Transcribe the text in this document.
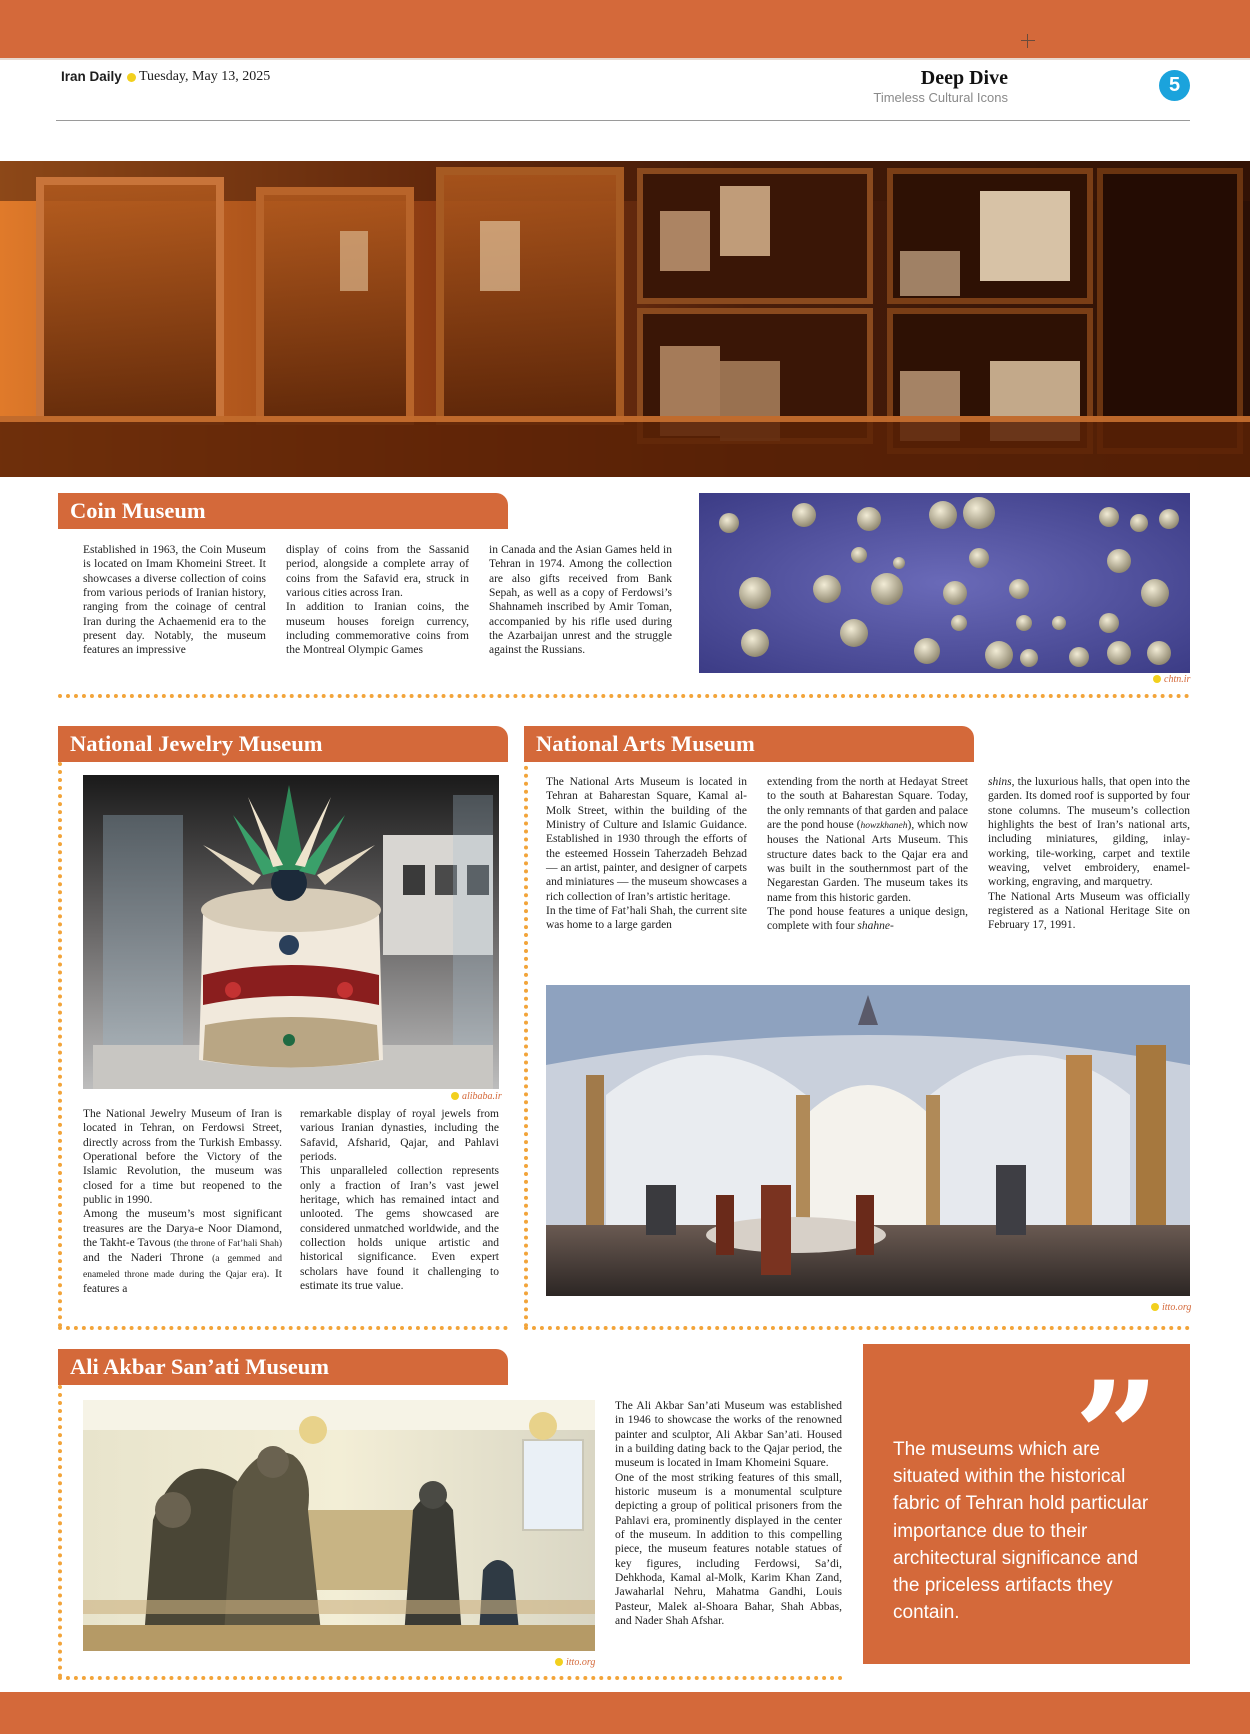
Iran Daily Tuesday, May 13, 2025	Deep Dive
Timeless Cultural Icons
5
Coin Museum

Established in 1963, the Coin Museum is located on Imam Khomeini Street. It showcases a diverse collection of coins from various periods of Iranian history, ranging from the coinage of central Iran during the Achaemenid era to the present day. Notably, the museum features an impressive

display of coins from the Sassanid period, alongside a complete array of coins from the Safavid era, struck in various cities across Iran.

In addition to Iranian coins, the museum houses foreign currency, including commemorative coins from the Montreal Olympic Games

in Canada and the Asian Games held in Tehran in 1974. Among the collection are also gifts received from Bank Sepah, as well as a copy of Ferdowsi’s Shahnameh inscribed by Amir Toman, accompanied by his rifle used during the Azarbaijan unrest and the struggle against the Russians.

chtn.ir
National Jewelry Museum
alibaba.ir

The National Jewelry Museum of Iran is located in Tehran, on Ferdowsi Street, directly across from the Turkish Embassy. Operational before the Victory of the Islamic Revolution, the museum was closed for a time but reopened to the public in 1990.

Among the museum’s most significant treasures are the Darya-e Noor Diamond, the Takht-e Tavous (the throne of Fat’hali Shah) and the Naderi Throne (a gemmed and enameled throne made during the Qajar era). It features a

remarkable display of royal jewels from various Iranian dynasties, including the Safavid, Afsharid, Qajar, and Pahlavi periods.

This unparalleled collection represents only a fraction of Iran’s vast jewel heritage, which has remained intact and unlooted. The gems showcased are considered unmatched worldwide, and the collection holds unique artistic and historical significance. Even expert scholars have found it challenging to estimate its true value.

National Arts Museum

The National Arts Museum is located in Tehran at Baharestan Square, Kamal al-Molk Street, within the building of the Ministry of Culture and Islamic Guidance. Established in 1930 through the efforts of the esteemed Hossein Taherzadeh Behzad — an artist, painter, and designer of carpets and miniatures — the museum showcases a rich collection of Iran’s artistic heritage.

In the time of Fat’hali Shah, the current site was home to a large garden

extending from the north at Hedayat Street to the south at Baharestan Square. Today, the only remnants of that garden and palace are the pond house (howzkhaneh), which now houses the National Arts Museum. This structure dates back to the Qajar era and was built in the southernmost part of the Negarestan Garden. The museum takes its name from this historic garden.

The pond house features a unique design, complete with four shahne-

shins, the luxurious halls, that open into the garden. Its domed roof is supported by four stone columns. The museum’s collection highlights the best of Iran’s national arts, including miniatures, gilding, inlay-working, tile-working, carpet and textile weaving, velvet embroidery, enamel-working, engraving, and marquetry.

The National Arts Museum was officially registered as a National Heritage Site on February 17, 1991.

itto.org
Ali Akbar San’ati Museum
itto.org

The Ali Akbar San’ati Museum was established in 1946 to showcase the works of the renowned painter and sculptor, Ali Akbar San’ati. Housed in a building dating back to the Qajar period, the museum is located in Imam Khomeini Square.

One of the most striking features of this small, historic museum is a monumental sculpture depicting a group of political prisoners from the Pahlavi era, prominently displayed in the center of the museum. In addition to this compelling piece, the museum features notable statues of key figures, including Ferdowsi, Sa’di, Dehkhoda, Kamal al-Molk, Karim Khan Zand, Jawaharlal Nehru, Mahatma Gandhi, Louis Pasteur, Malek al-Shoara Bahar, Shah Abbas, and Nader Shah Afshar.

”
The museums which are situated within the historical fabric of Tehran hold particular importance due to their architectural significance and the priceless artifacts they contain.
